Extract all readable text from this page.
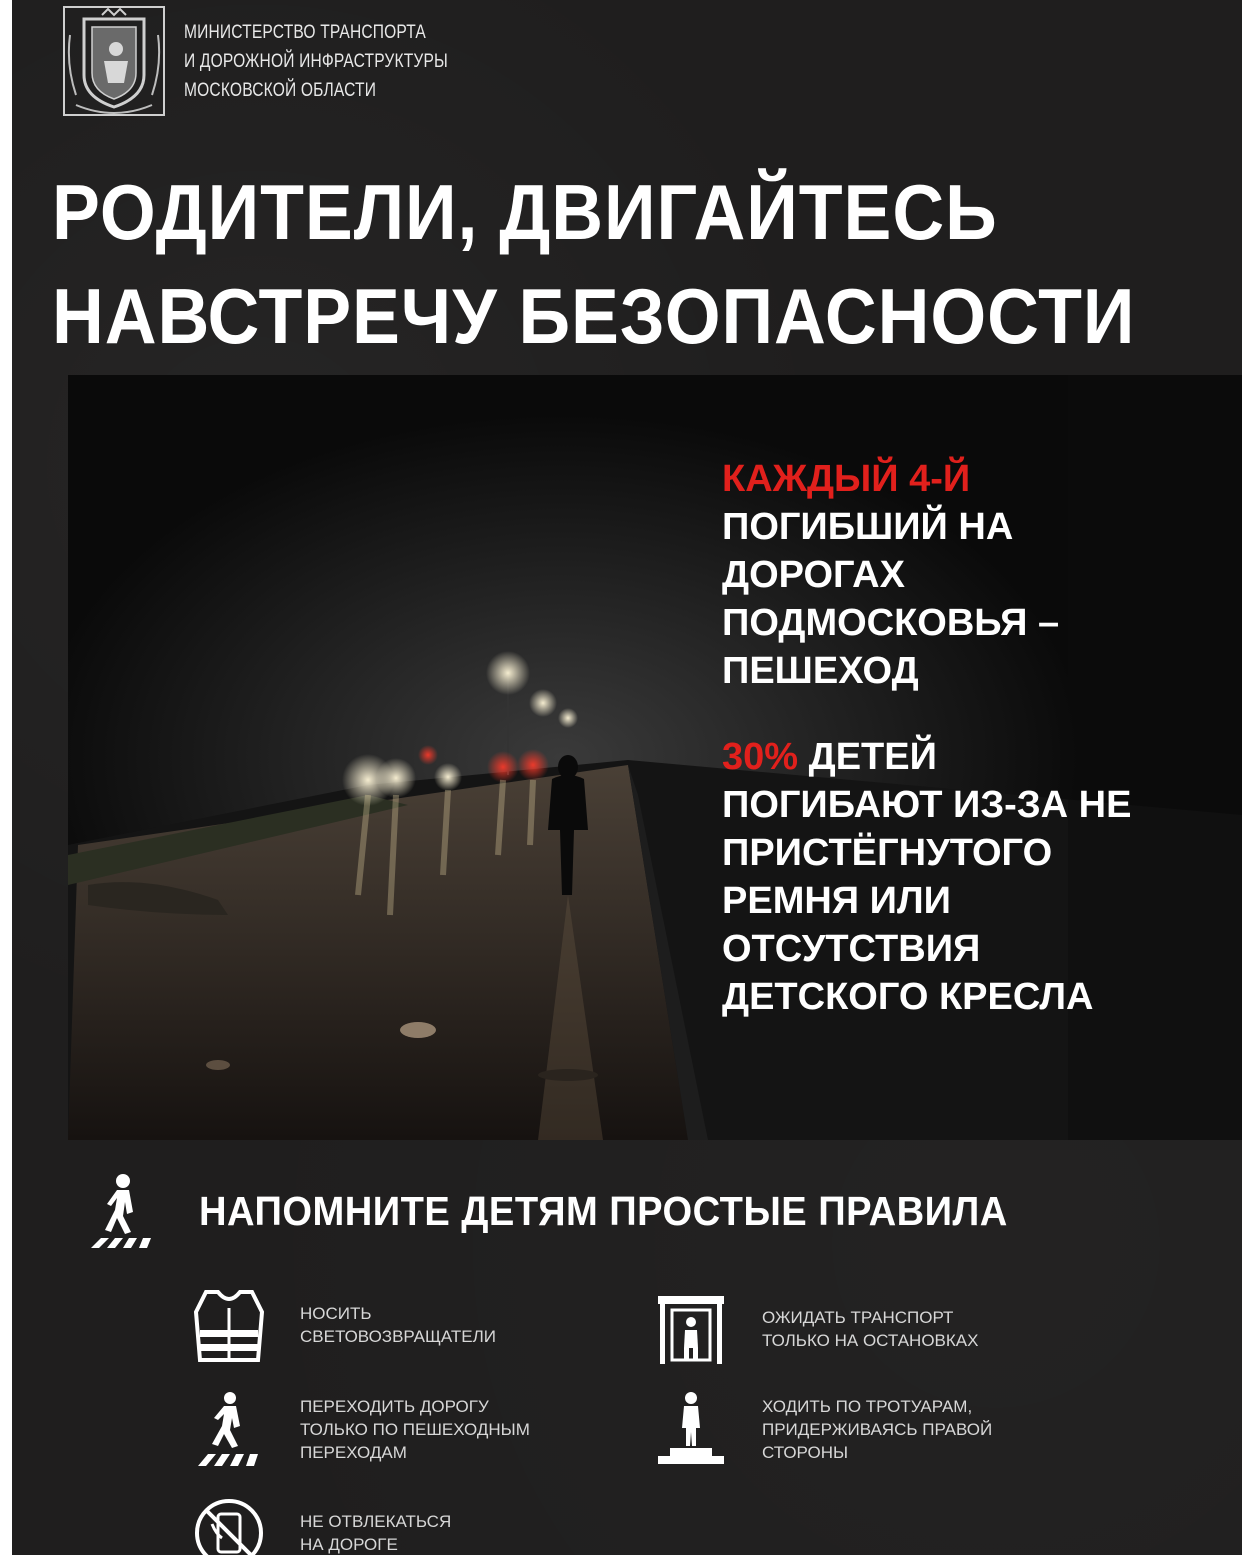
МИНИСТЕРСТВО ТРАНСПОРТА
И ДОРОЖНОЙ ИНФРАСТРУКТУРЫ
МОСКОВСКОЙ ОБЛАСТИ
РОДИТЕЛИ, ДВИГАЙТЕСЬ
НАВСТРЕЧУ БЕЗОПАСНОСТИ
КАЖДЫЙ 4-Й
ПОГИБШИЙ НА
ДОРОГАХ
ПОДМОСКОВЬЯ –
ПЕШЕХОД
30% ДЕТЕЙ
ПОГИБАЮТ ИЗ-ЗА НЕ
ПРИСТЁГНУТОГО
РЕМНЯ ИЛИ
ОТСУТСТВИЯ
ДЕТСКОГО КРЕСЛА
НАПОМНИТЕ ДЕТЯМ ПРОСТЫЕ ПРАВИЛА
НОСИТЬ
СВЕТОВОЗВРАЩАТЕЛИ
ОЖИДАТЬ ТРАНСПОРТ
ТОЛЬКО НА ОСТАНОВКАХ
ПЕРЕХОДИТЬ ДОРОГУ
ТОЛЬКО ПО ПЕШЕХОДНЫМ
ПЕРЕХОДАМ
ХОДИТЬ ПО ТРОТУАРАМ,
ПРИДЕРЖИВАЯСЬ ПРАВОЙ
СТОРОНЫ
НЕ ОТВЛЕКАТЬСЯ
НА ДОРОГЕ
